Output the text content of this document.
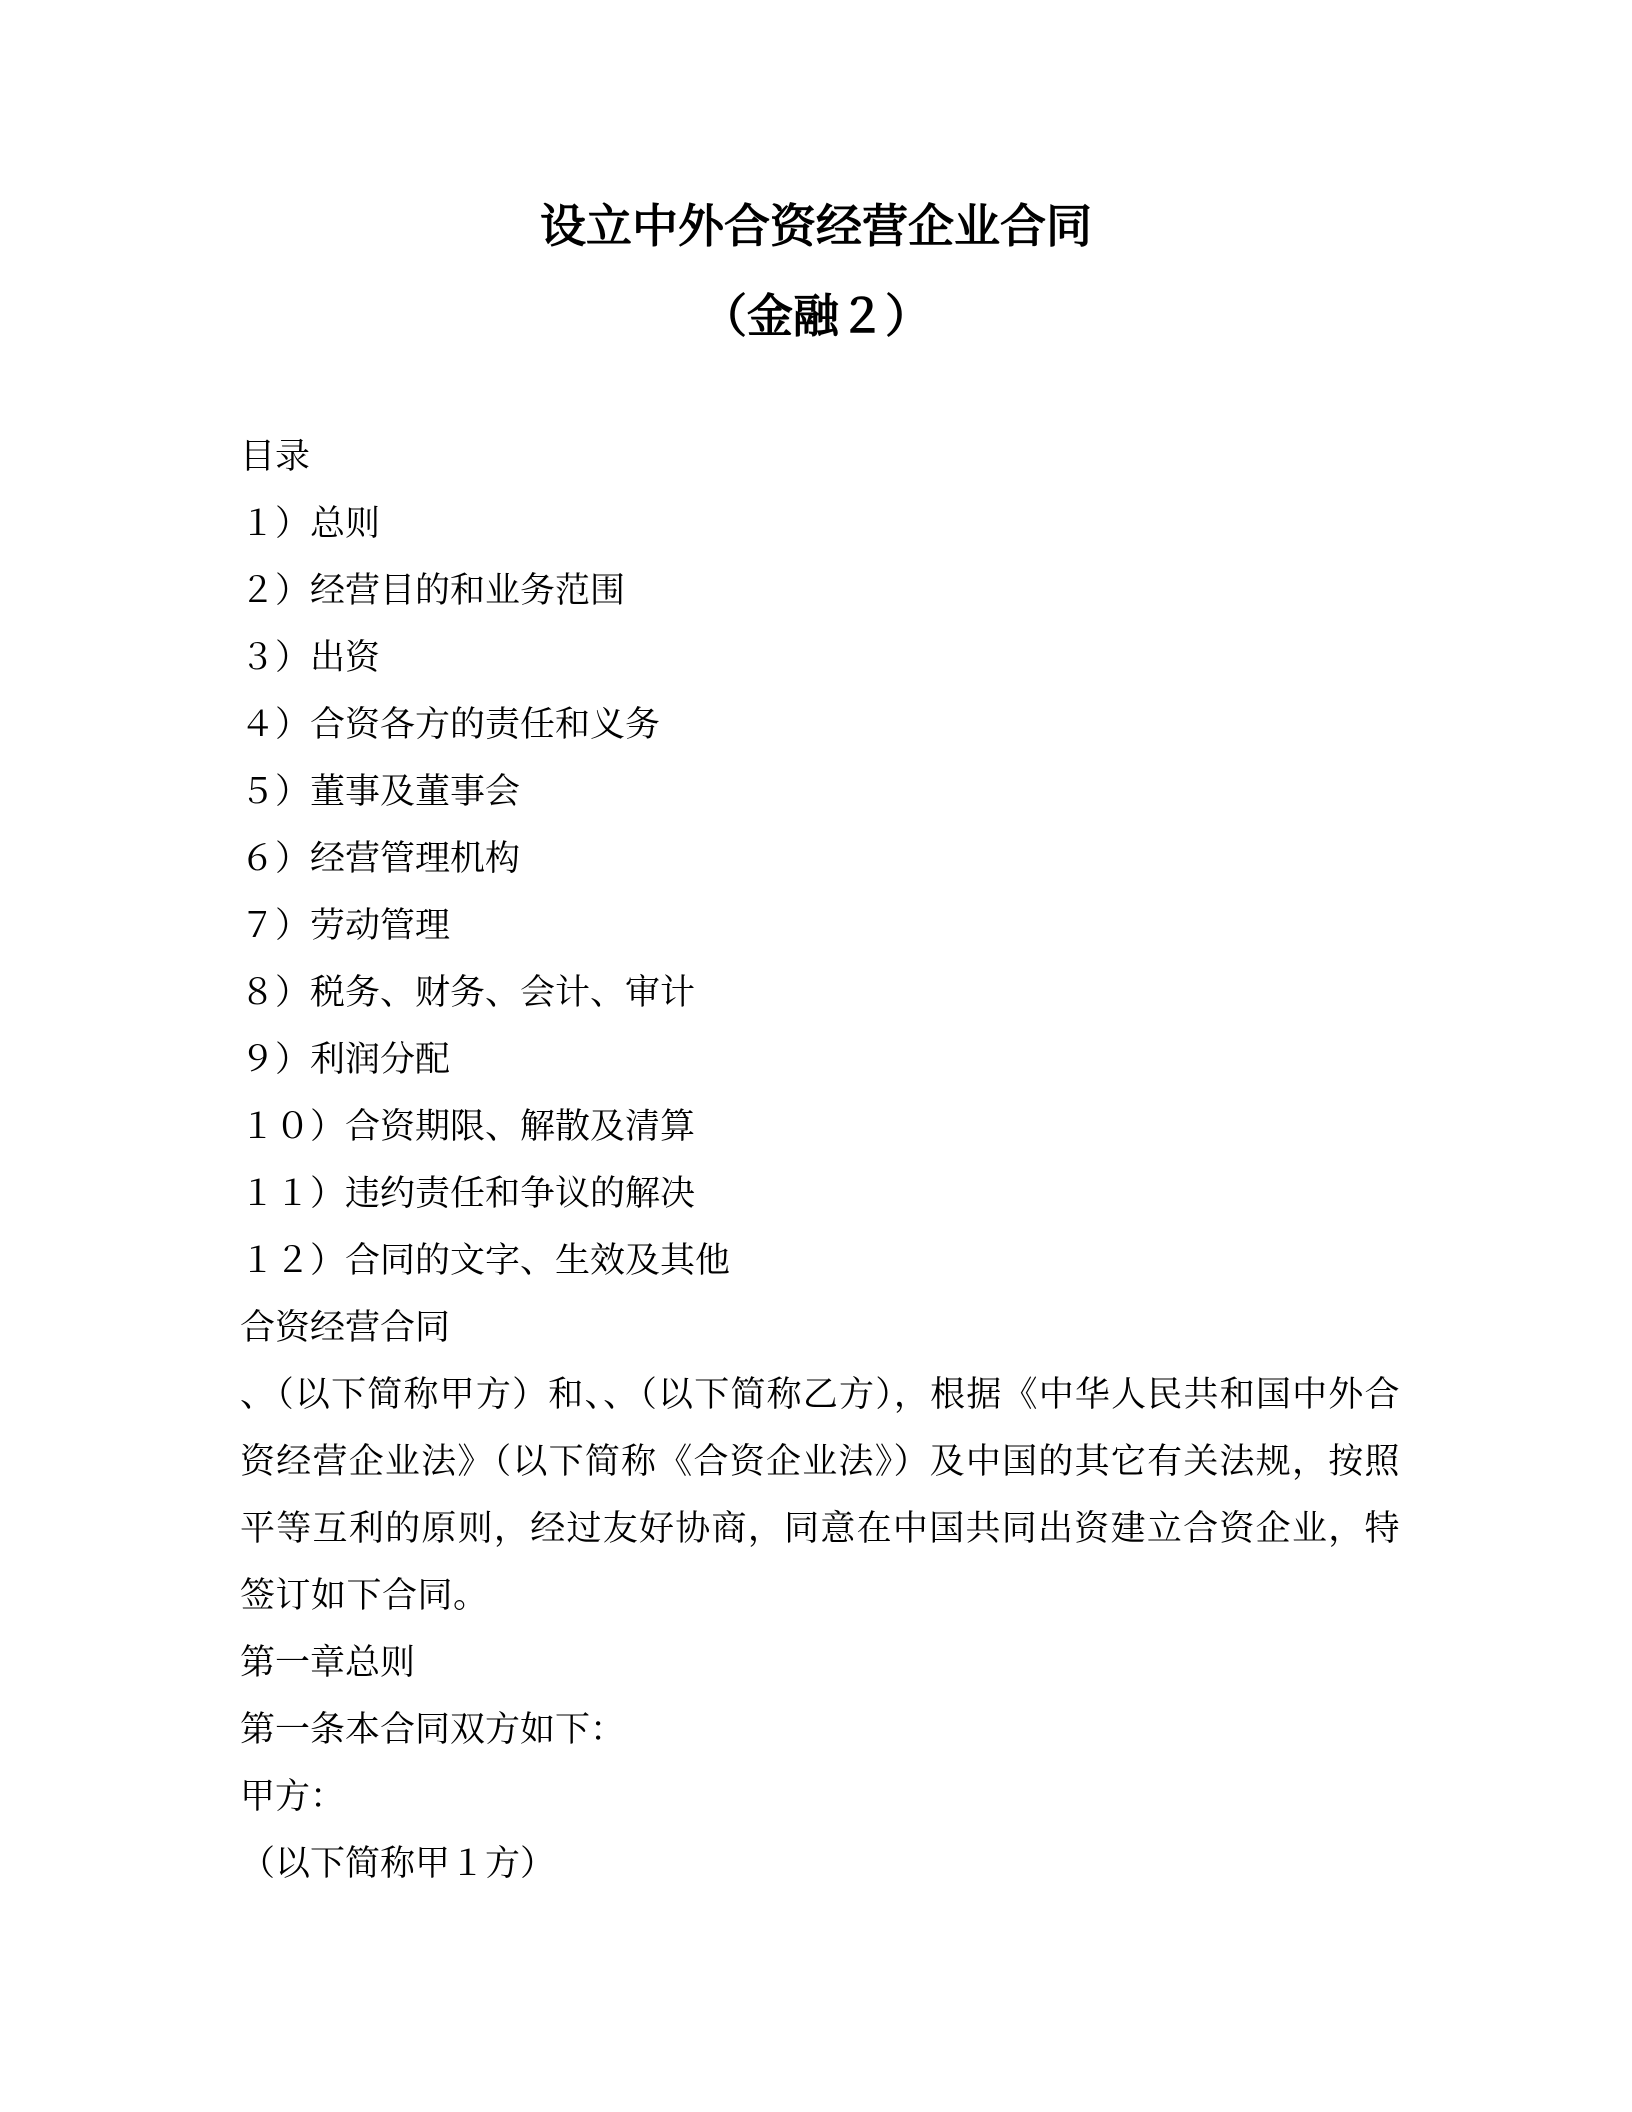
设立中外合资经营企业合同
（金融２）
目录
１）总则
２）经营目的和业务范围
３）出资
４）合资各方的责任和义务
５）董事及董事会
６）经营管理机构
７）劳动管理
８）税务、财务、会计、审计
９）利润分配
１０）合资期限、解散及清算
１１）违约责任和争议的解决
１２）合同的文字、生效及其他
合资经营合同

、（以下简称甲方）和、、（以下简称乙方），根据《中华人民共和国中外合资经营企业法》（以下简称《合资企业法》）及中国的其它有关法规，按照平等互利的原则，经过友好协商，同意在中国共同出资建立合资企业，特签订如下合同。

第一章总则
第一条本合同双方如下：
甲方：
（以下简称甲１方）
